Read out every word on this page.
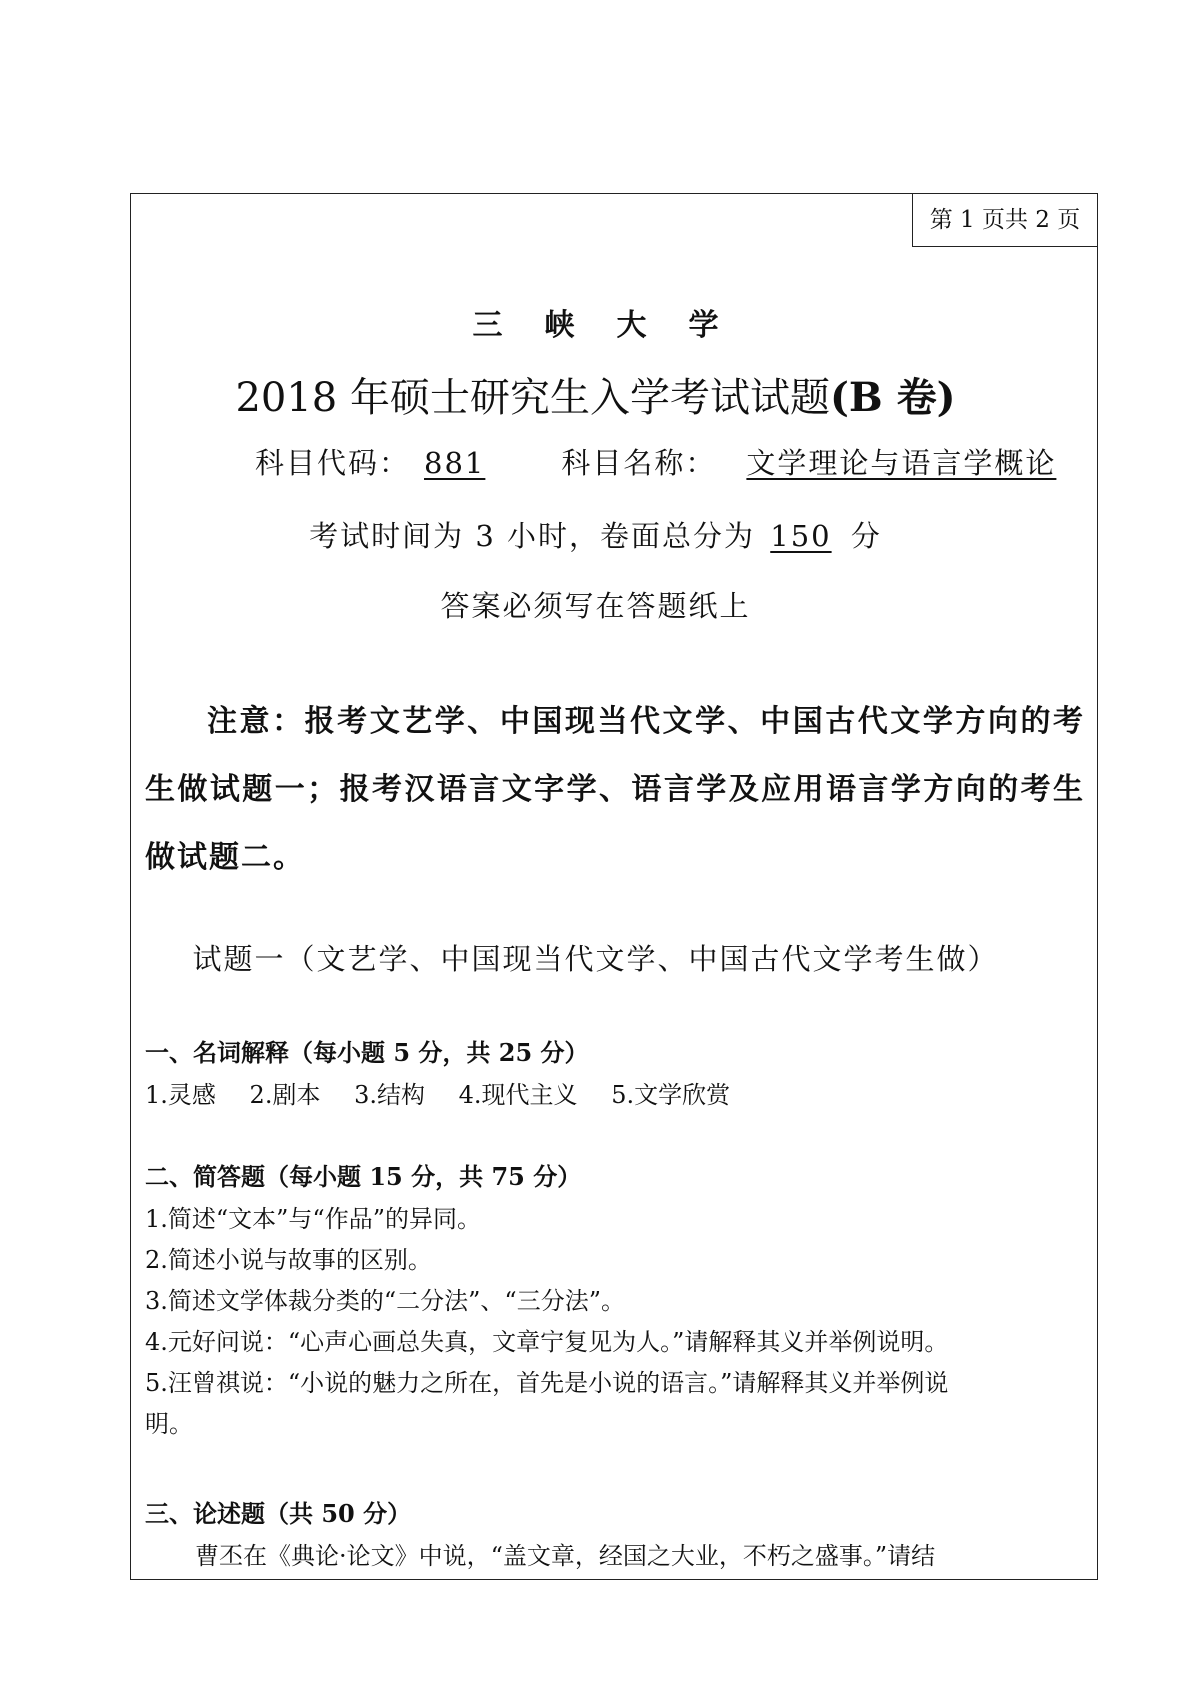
第 1 页共 2 页
三峡大学
2018 年硕士研究生入学考试试题(B 卷)
科目代码： 881	科目名称： 文学理论与语言学概论
考试时间为 3 小时，卷面总分为 150 分
答案必须写在答题纸上
注意：报考文艺学、中国现当代文学、中国古代文学方向的考生做试题一；报考汉语言文字学、语言学及应用语言学方向的考生做试题二。
试题一（文艺学、中国现当代文学、中国古代文学考生做）
一、名词解释（每小题 5 分，共 25 分）
1.灵感 2.剧本 3.结构 4.现代主义 5.文学欣赏
二、简答题（每小题 15 分，共 75 分）
1.简述“文本”与“作品”的异同。
2.简述小说与故事的区别。
3.简述文学体裁分类的“二分法”、“三分法”。
4.元好问说：“心声心画总失真，文章宁复见为人。”请解释其义并举例说明。
5.汪曾祺说：“小说的魅力之所在，首先是小说的语言。”请解释其义并举例说
明。
三、论述题（共 50 分）
曹丕在《典论·论文》中说，“盖文章，经国之大业，不朽之盛事。”请结
